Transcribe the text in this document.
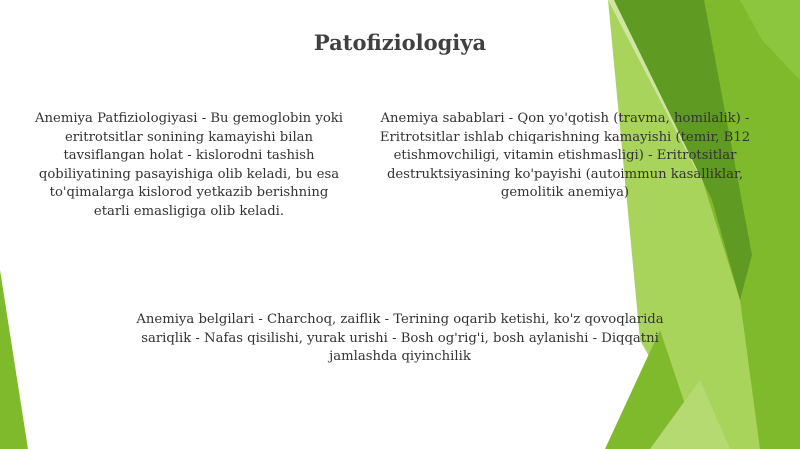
Patofiziologiya

Anemiya Patfiziologiyasi - Bu gemoglobin yoki eritrotsitlar sonining kamayishi bilan tavsiflangan holat - kislorodni tashish qobiliyatining pasayishiga olib keladi, bu esa to'qimalarga kislorod yetkazib berishning etarli emasligiga olib keladi.

Anemiya sabablari - Qon yo'qotish (travma, homilalik) - Eritrotsitlar ishlab chiqarishning kamayishi (temir, B12 etishmovchiligi, vitamin etishmasligi) - Eritrotsitlar destruktsiyasining ko'payishi (autoimmun kasalliklar, gemolitik anemiya)

Anemiya belgilari - Charchoq, zaiflik - Terining oqarib ketishi, ko'z qovoqlarida sariqlik - Nafas qisilishi, yurak urishi - Bosh og'rig'i, bosh aylanishi - Diqqatni jamlashda qiyinchilik
